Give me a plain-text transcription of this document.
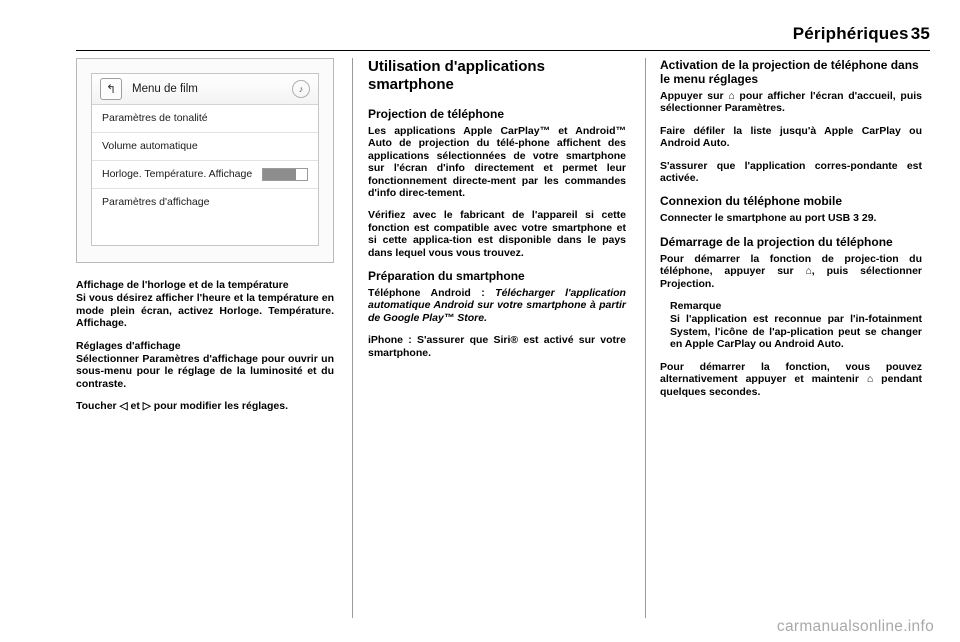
Périphériques 35
↰	Menu de film	♪
Paramètres de tonalité
Volume automatique
Horloge. Température. Affichage
Paramètres d'affichage
Affichage de l'horloge et de la température

Si vous désirez afficher l'heure et la température en mode plein écran, activez Horloge. Température. Affichage.

Réglages d'affichage

Sélectionner Paramètres d'affichage pour ouvrir un sous-menu pour le réglage de la luminosité et du contraste.

Toucher ◁ et ▷ pour modifier les réglages.

Utilisation d'applications smartphone
Projection de téléphone

Les applications Apple CarPlay™ et Android™ Auto de projection du télé‐phone affichent des applications sélectionnées de votre smartphone sur l'écran d'info directement et permet leur fonctionnement directe‐ment par les commandes d'info direc‐tement.

Vérifiez avec le fabricant de l'appareil si cette fonction est compatible avec votre smartphone et si cette applica‐tion est disponible dans le pays dans lequel vous vous trouvez.

Préparation du smartphone

Téléphone Android : Télécharger l'application automatique Android sur votre smartphone à partir de Google Play™ Store.

iPhone : S'assurer que Siri® est activé sur votre smartphone.

Activation de la projection de téléphone dans le menu réglages

Appuyer sur ⌂ pour afficher l'écran d'accueil, puis sélectionner Paramètres.

Faire défiler la liste jusqu'à Apple CarPlay ou Android Auto.

S'assurer que l'application corres‐pondante est activée.

Connexion du téléphone mobile

Connecter le smartphone au port USB 3 29.

Démarrage de la projection du téléphone

Pour démarrer la fonction de projec‐tion du téléphone, appuyer sur ⌂, puis sélectionner Projection.

Remarque
Si l'application est reconnue par l'in‐fotainment System, l'icône de l'ap‐plication peut se changer en Apple CarPlay ou Android Auto.

Pour démarrer la fonction, vous pouvez alternativement appuyer et maintenir ⌂ pendant quelques secondes.

carmanualsonline.info
